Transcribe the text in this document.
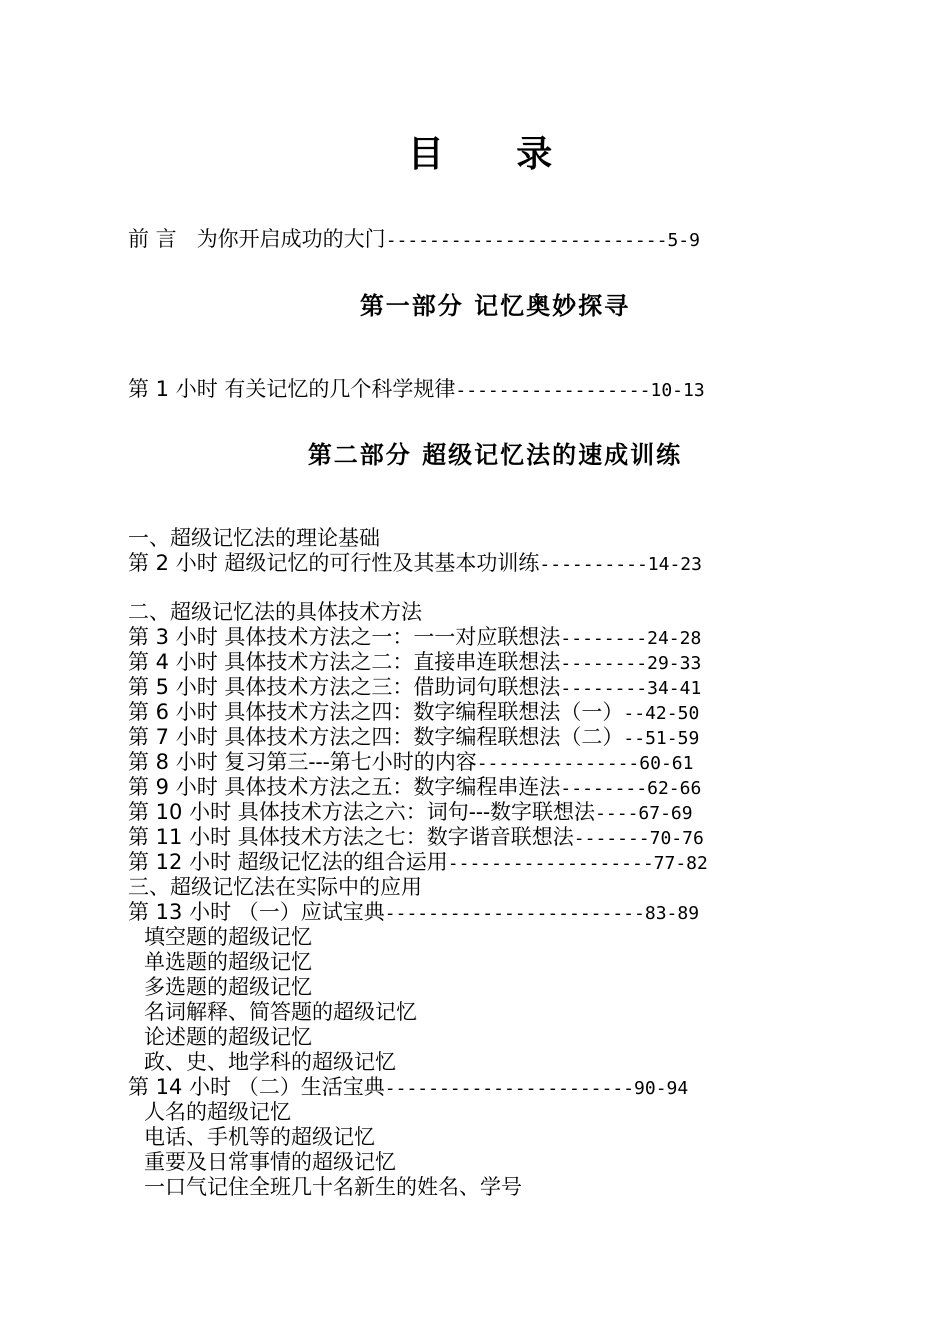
目 录
前 言 为你开启成功的大门--------------------------5-9
第一部分 记忆奥妙探寻
第 1 小时 有关记忆的几个科学规律------------------10-13
第二部分 超级记忆法的速成训练
一、超级记忆法的理论基础
第 2 小时 超级记忆的可行性及其基本功训练----------14-23
二、超级记忆法的具体技术方法
第 3 小时 具体技术方法之一：一一对应联想法--------24-28
第 4 小时 具体技术方法之二：直接串连联想法--------29-33
第 5 小时 具体技术方法之三：借助词句联想法--------34-41
第 6 小时 具体技术方法之四：数字编程联想法（一）--42-50
第 7 小时 具体技术方法之四：数字编程联想法（二）--51-59
第 8 小时 复习第三---第七小时的内容---------------60-61
第 9 小时 具体技术方法之五：数字编程串连法--------62-66
第 10 小时 具体技术方法之六：词句---数字联想法----67-69
第 11 小时 具体技术方法之七：数字谐音联想法-------70-76
第 12 小时 超级记忆法的组合运用-------------------77-82
三、超级记忆法在实际中的应用
第 13 小时 （一）应试宝典------------------------83-89
填空题的超级记忆
单选题的超级记忆
多选题的超级记忆
名词解释、简答题的超级记忆
论述题的超级记忆
政、史、地学科的超级记忆
第 14 小时 （二）生活宝典-----------------------90-94
人名的超级记忆
电话、手机等的超级记忆
重要及日常事情的超级记忆
一口气记住全班几十名新生的姓名、学号
